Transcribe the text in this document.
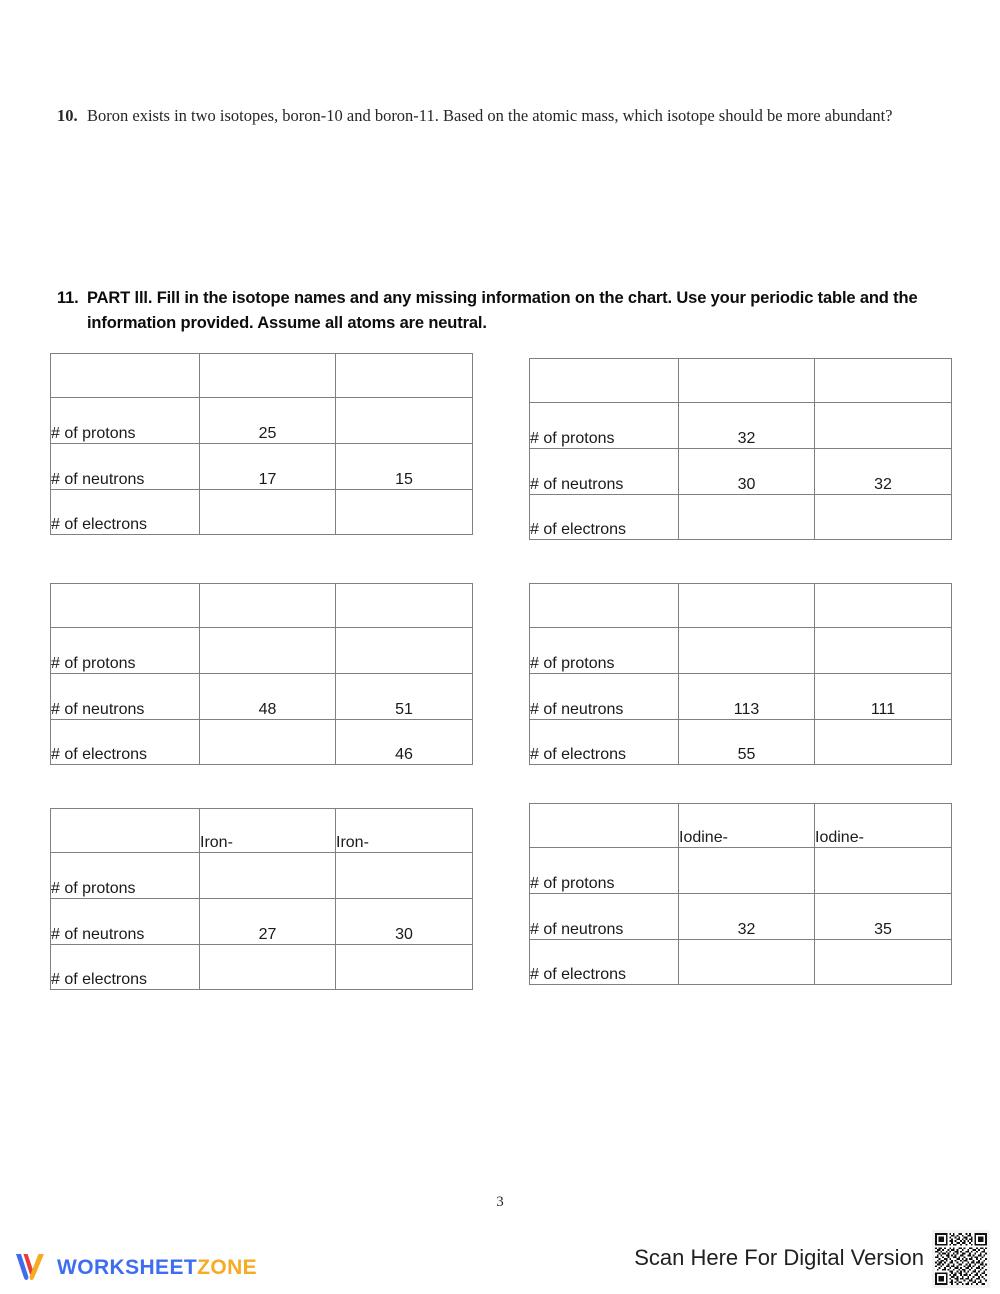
10. Boron exists in two isotopes, boron-10 and boron-11. Based on the atomic mass, which isotope should be more abundant?
11. PART lll. Fill in the isotope names and any missing information on the chart. Use your periodic table and the information provided. Assume all atoms are neutral.

# of protons	25	
# of neutrons	17	15
# of electrons		

# of protons	32	
# of neutrons	30	32
# of electrons		

# of protons		
# of neutrons	48	51
# of electrons		46

# of protons		
# of neutrons	113	111
# of electrons	55	
	Iron-	Iron-
# of protons		
# of neutrons	27	30
# of electrons		
	Iodine-	Iodine-
# of protons		
# of neutrons	32	35
# of electrons		
3
WORKSHEETZONE	Scan Here For Digital Version
